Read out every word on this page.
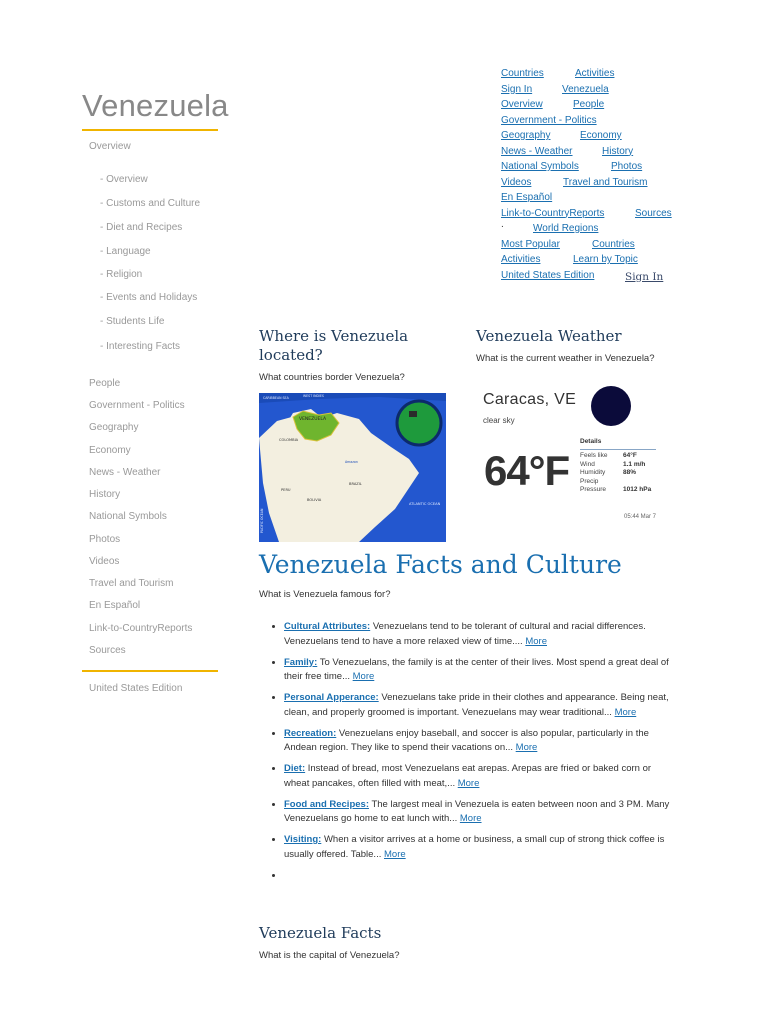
Countries	Activities
Sign In	Venezuela
Overview	People
Government - Politics
Geography	Economy
News - Weather	History
National Symbols	Photos
Videos	Travel and Tourism
En Español
Link-to-CountryReports	Sources
World Regions
.
Most Popular	Countries
Activities	Learn by Topic
United States Edition	Sign In
Venezuela
Overview
- Overview
- Customs and Culture
- Diet and Recipes
- Language
- Religion
- Events and Holidays
- Students Life
- Interesting Facts
People
Government - Politics
Geography
Economy
News - Weather
History
National Symbols
Photos
Videos
Travel and Tourism
En Español
Link-to-CountryReports
Sources
United States Edition
Where is Venezuela located?
What countries border Venezuela?
VENEZUELA
COLOMBIA
BRAZIL
PERU
BOLIVIA
ATLANTIC OCEAN
CARIBBEAN SEA	WEST INDIES
Amazon
PACIFIC OCEAN
Venezuela Weather
What is the current weather in Venezuela?
Caracas, VE
clear sky
64°F
Details
Feels like	64°F
Wind	1.1 m/h
Humidity	88%
Precip	
Pressure	1012 hPa
05:44 Mar 7
Venezuela Facts and Culture
What is Venezuela famous for?
• Cultural Attributes: Venezuelans tend to be tolerant of cultural and racial differences. Venezuelans tend to have a more relaxed view of time.... More
• Family: To Venezuelans, the family is at the center of their lives. Most spend a great deal of their free time... More
• Personal Apperance: Venezuelans take pride in their clothes and appearance. Being neat, clean, and properly groomed is important. Venezuelans may wear traditional... More
• Recreation: Venezuelans enjoy baseball, and soccer is also popular, particularly in the Andean region. They like to spend their vacations on... More
• Diet: Instead of bread, most Venezuelans eat arepas. Arepas are fried or baked corn or wheat pancakes, often filled with meat,... More
• Food and Recipes: The largest meal in Venezuela is eaten between noon and 3 PM. Many Venezuelans go home to eat lunch with... More
• Visiting: When a visitor arrives at a home or business, a small cup of strong thick coffee is usually offered. Table... More
•
Venezuela Facts
What is the capital of Venezuela?
